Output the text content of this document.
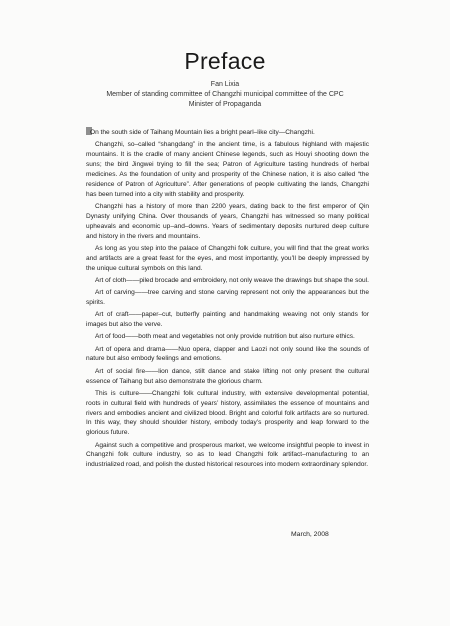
Preface
Fan Lixia
Member of standing committee of Changzhi municipal committee of the CPC
Minister of Propaganda

On the south side of Taihang Mountain lies a bright pearl–like city—Changzhi.

Changzhi, so–called “shangdang” in the ancient time, is a fabulous highland with majestic mountains. It is the cradle of many ancient Chinese legends, such as Houyi shooting down the suns; the bird Jingwei trying to fill the sea; Patron of Agriculture tasting hundreds of herbal medicines. As the foundation of unity and prosperity of the Chinese nation, it is also called “the residence of Patron of Agriculture”. After generations of people cultivating the lands, Changzhi has been turned into a city with stability and prosperity.

Changzhi has a history of more than 2200 years, dating back to the first emperor of Qin Dynasty unifying China. Over thousands of years, Changzhi has witnessed so many political upheavals and economic up–and–downs. Years of sedimentary deposits nurtured deep culture and history in the rivers and mountains.

As long as you step into the palace of Changzhi folk culture, you will find that the great works and artifacts are a great feast for the eyes, and most importantly, you’ll be deeply impressed by the unique cultural symbols on this land.

Art of cloth——piled brocade and embroidery, not only weave the drawings but shape the soul.

Art of carving——tree carving and stone carving represent not only the appearances but the spirits.

Art of craft——paper–cut, butterfly painting and handmaking weaving not only stands for images but also the verve.

Art of food——both meat and vegetables not only provide nutrition but also nurture ethics.

Art of opera and drama——Nuo opera, clapper and Laozi not only sound like the sounds of nature but also embody feelings and emotions.

Art of social fire——lion dance, stilt dance and stake lifting not only present the cultural essence of Taihang but also demonstrate the glorious charm.

This is culture——Changzhi folk cultural industry, with extensive developmental potential, roots in cultural field with hundreds of years’ history, assimilates the essence of mountains and rivers and embodies ancient and civilized blood. Bright and colorful folk artifacts are so nurtured. In this way, they should shoulder history, embody today’s prosperity and leap forward to the glorious future.

Against such a competitive and prosperous market, we welcome insightful people to invest in Changzhi folk culture industry, so as to lead Changzhi folk artifact–manufacturing to an industrialized road, and polish the dusted historical resources into modern extraordinary splendor.

March, 2008
